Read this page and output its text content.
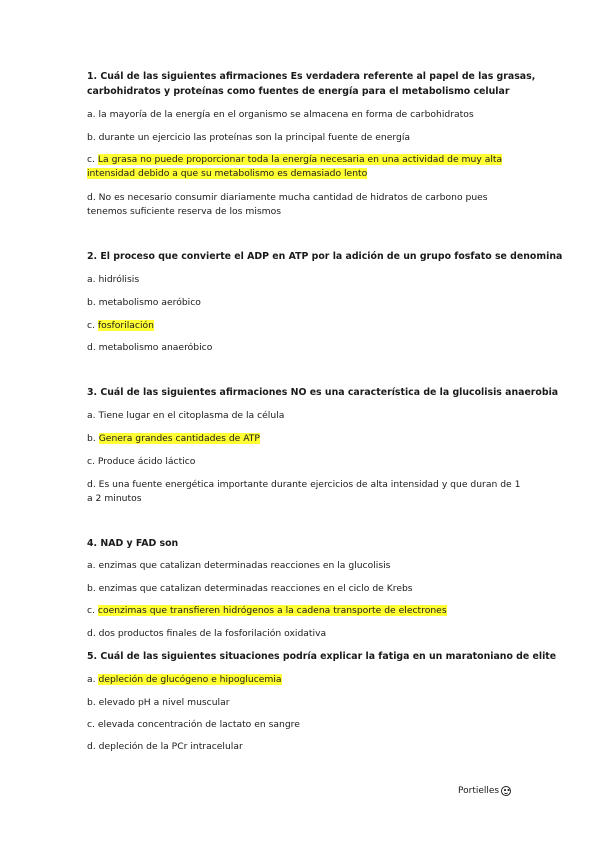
1. Cuál de las siguientes afirmaciones Es verdadera referente al papel de las grasas,
carbohidratos y proteínas como fuentes de energía para el metabolismo celular
a. la mayoría de la energía en el organismo se almacena en forma de carbohidratos
b. durante un ejercicio las proteínas son la principal fuente de energía
c. La grasa no puede proporcionar toda la energía necesaria en una actividad de muy alta
intensidad debido a que su metabolismo es demasiado lento
d. No es necesario consumir diariamente mucha cantidad de hidratos de carbono pues
tenemos suficiente reserva de los mismos
2. El proceso que convierte el ADP en ATP por la adición de un grupo fosfato se denomina
a. hidrólisis
b. metabolismo aeróbico
c. fosforilación
d. metabolismo anaeróbico
3. Cuál de las siguientes afirmaciones NO es una característica de la glucolisis anaerobia
a. Tiene lugar en el citoplasma de la célula
b. Genera grandes cantidades de ATP
c. Produce ácido láctico
d. Es una fuente energética importante durante ejercicios de alta intensidad y que duran de 1
a 2 minutos
4. NAD y FAD son
a. enzimas que catalizan determinadas reacciones en la glucolisis
b. enzimas que catalizan determinadas reacciones en el ciclo de Krebs
c. coenzimas que transfieren hidrógenos a la cadena transporte de electrones
d. dos productos finales de la fosforilación oxidativa
5. Cuál de las siguientes situaciones podría explicar la fatiga en un maratoniano de elite
a. depleción de glucógeno e hipoglucemia
b. elevado pH a nivel muscular
c. elevada concentración de lactato en sangre
d. depleción de la PCr intracelular
Portielles
